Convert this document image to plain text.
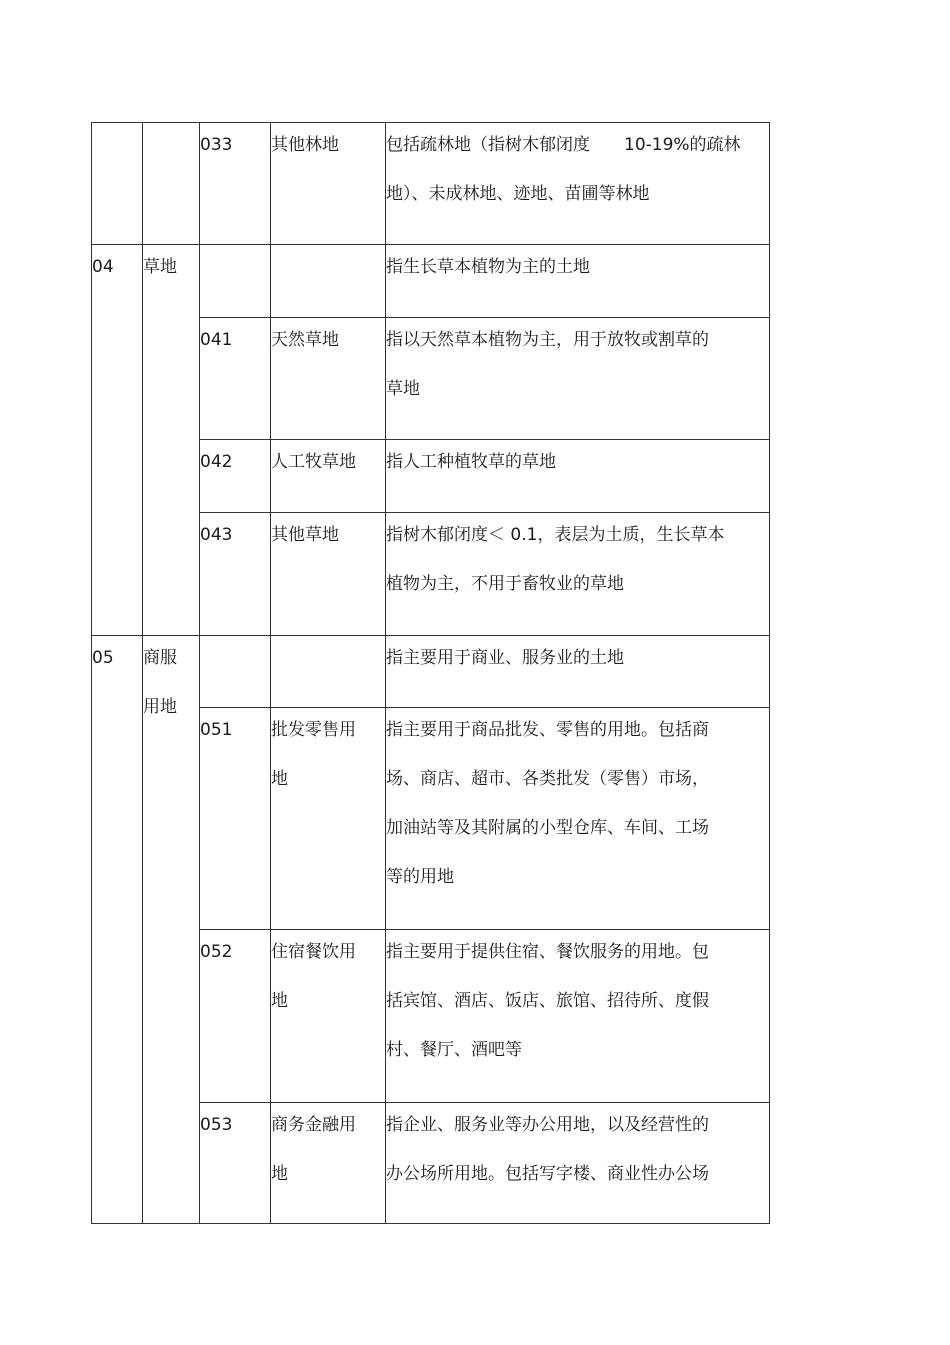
		033	其他林地	包括疏林地（指树木郁闭度　　10-19%的疏林
地）、未成林地、迹地、苗圃等林地

04	草地			指生长草本植物为主的土地

		041	天然草地	指以天然草本植物为主，用于放牧或割草的
草地

		042	人工牧草地	指人工种植牧草的草地

		043	其他草地	指树木郁闭度＜ 0.1，表层为土质，生长草本
植物为主，不用于畜牧业的草地

05	商服
用地			指主要用于商业、服务业的土地

		051	批发零售用
地	指主要用于商品批发、零售的用地。包括商
场、商店、超市、各类批发（零售）市场，
加油站等及其附属的小型仓库、车间、工场
等的用地

		052	住宿餐饮用
地	指主要用于提供住宿、餐饮服务的用地。包
括宾馆、酒店、饭店、旅馆、招待所、度假
村、餐厅、酒吧等

		053	商务金融用
地	指企业、服务业等办公用地，以及经营性的
办公场所用地。包括写字楼、商业性办公场
